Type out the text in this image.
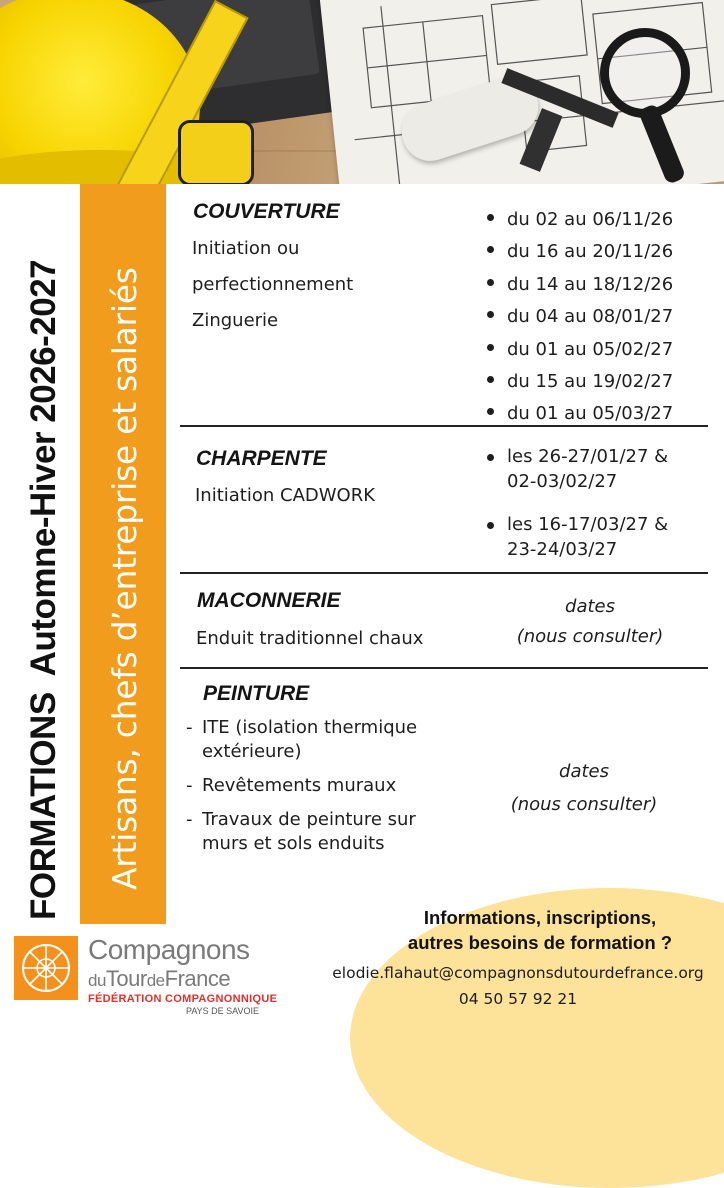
FORMATIONS
Automne-Hiver 2026-2027 Artisans, chefs d’entreprise et salariés
COUVERTURE
Initiation ou
perfectionnement
Zinguerie
du 02 au 06/11/26
du 16 au 20/11/26
du 14 au 18/12/26
du 04 au 08/01/27
du 01 au 05/02/27
du 15 au 19/02/27
du 01 au 05/03/27
CHARPENTE
Initiation CADWORK
les 26-27/01/27 &
02-03/02/27
les 16-17/03/27 &
23-24/03/27
MACONNERIE
Enduit traditionnel chaux
dates
(nous consulter)
PEINTURE
- ITE (isolation thermique
extérieure)
- Revêtements muraux
- Travaux de peinture sur
murs et sols enduits
dates
(nous consulter)
Informations, inscriptions,
autres besoins de formation ?
elodie.flahaut@compagnonsdutourdefrance.org
04 50 57 92 21
Compagnons
duTourdeFrance
FÉDÉRATION COMPAGNONNIQUE
PAYS DE SAVOIE
